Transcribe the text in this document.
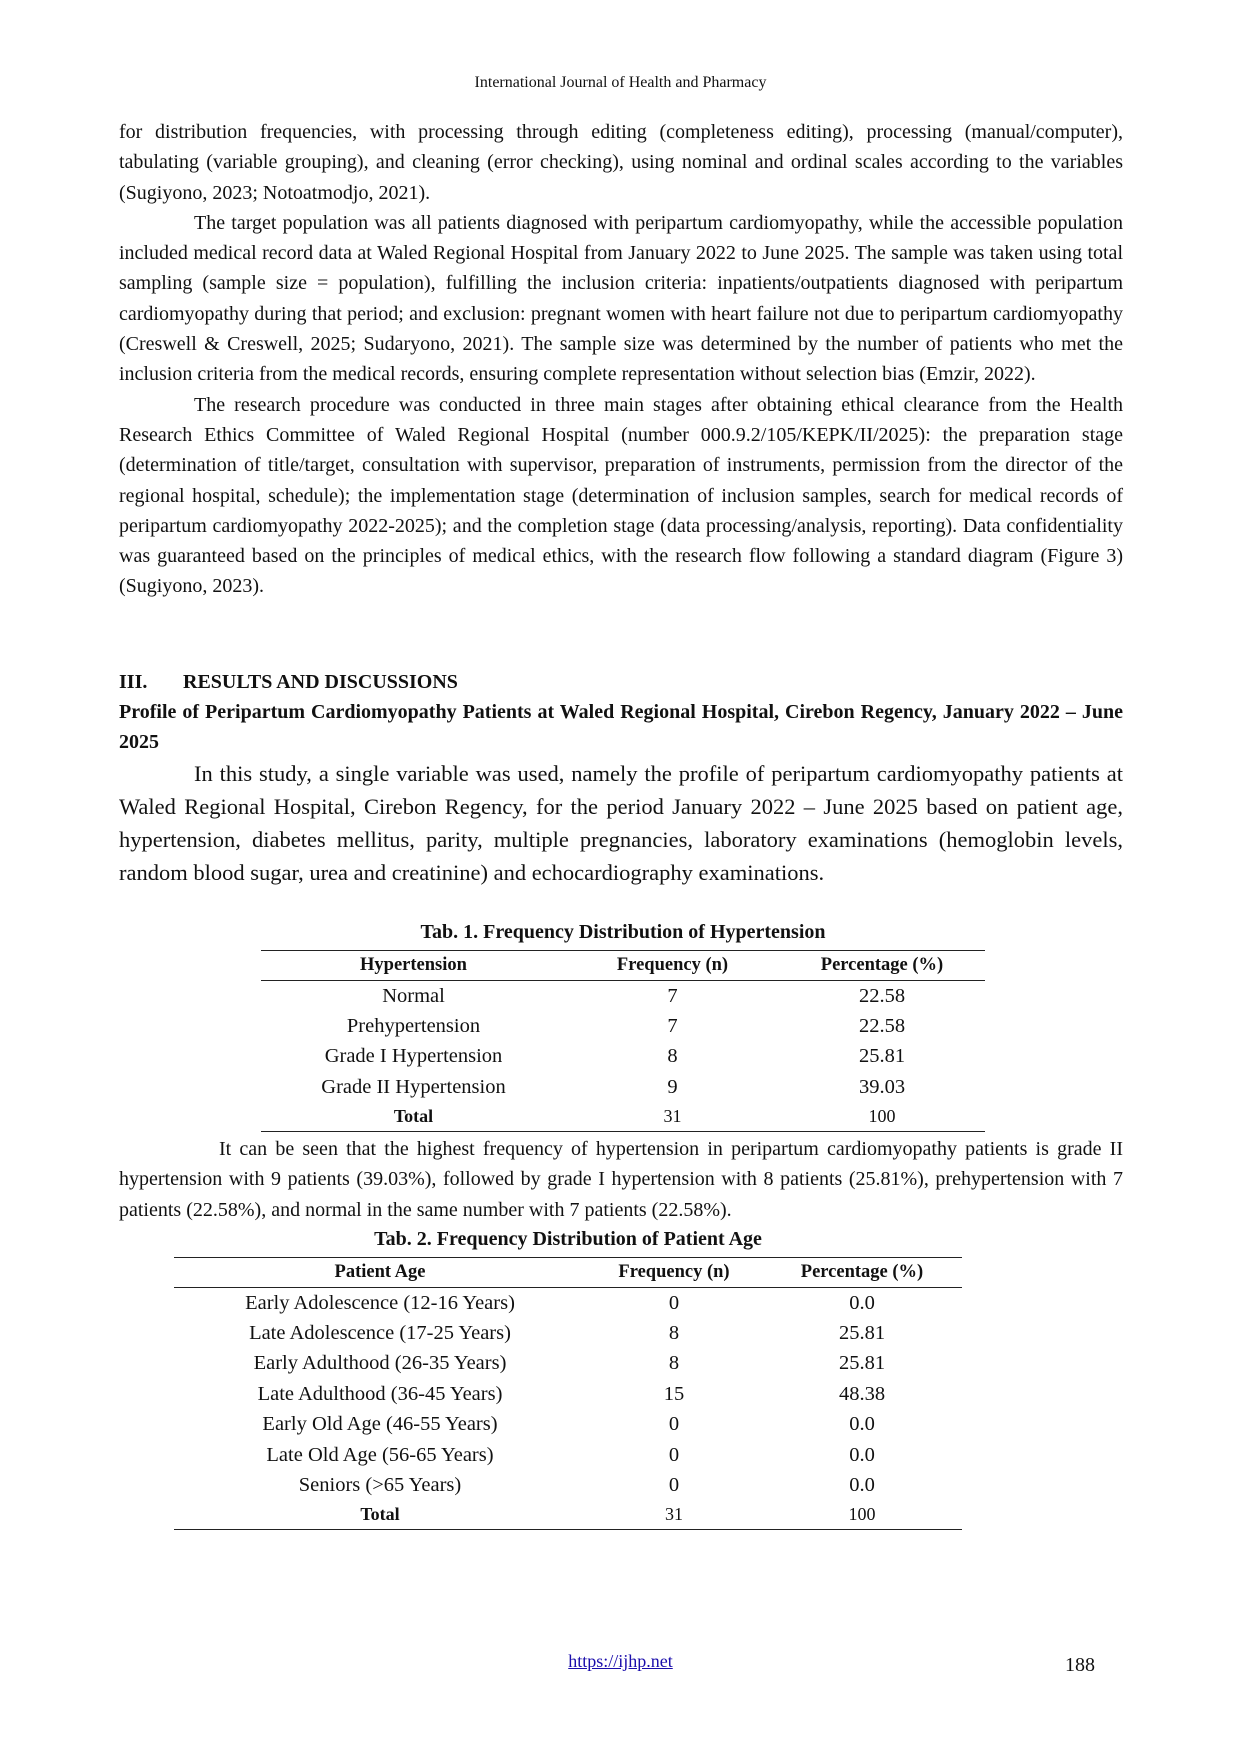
International Journal of Health and Pharmacy

for distribution frequencies, with processing through editing (completeness editing), processing (manual/computer), tabulating (variable grouping), and cleaning (error checking), using nominal and ordinal scales according to the variables (Sugiyono, 2023; Notoatmodjo, 2021).

The target population was all patients diagnosed with peripartum cardiomyopathy, while the accessible population included medical record data at Waled Regional Hospital from January 2022 to June 2025. The sample was taken using total sampling (sample size = population), fulfilling the inclusion criteria: inpatients/outpatients diagnosed with peripartum cardiomyopathy during that period; and exclusion: pregnant women with heart failure not due to peripartum cardiomyopathy (Creswell & Creswell, 2025; Sudaryono, 2021). The sample size was determined by the number of patients who met the inclusion criteria from the medical records, ensuring complete representation without selection bias (Emzir, 2022).

The research procedure was conducted in three main stages after obtaining ethical clearance from the Health Research Ethics Committee of Waled Regional Hospital (number 000.9.2/105/KEPK/II/2025): the preparation stage (determination of title/target, consultation with supervisor, preparation of instruments, permission from the director of the regional hospital, schedule); the implementation stage (determination of inclusion samples, search for medical records of peripartum cardiomyopathy 2022-2025); and the completion stage (data processing/analysis, reporting). Data confidentiality was guaranteed based on the principles of medical ethics, with the research flow following a standard diagram (Figure 3) (Sugiyono, 2023).

III. RESULTS AND DISCUSSIONS

Profile of Peripartum Cardiomyopathy Patients at Waled Regional Hospital, Cirebon Regency, January 2022 – June 2025

In this study, a single variable was used, namely the profile of peripartum cardiomyopathy patients at Waled Regional Hospital, Cirebon Regency, for the period January 2022 – June 2025 based on patient age, hypertension, diabetes mellitus, parity, multiple pregnancies, laboratory examinations (hemoglobin levels, random blood sugar, urea and creatinine) and echocardiography examinations.

Tab. 1. Frequency Distribution of Hypertension
Hypertension	Frequency (n)	Percentage (%)
Normal	7	22.58
Prehypertension	7	22.58
Grade I Hypertension	8	25.81
Grade II Hypertension	9	39.03
Total	31	100

It can be seen that the highest frequency of hypertension in peripartum cardiomyopathy patients is grade II hypertension with 9 patients (39.03%), followed by grade I hypertension with 8 patients (25.81%), prehypertension with 7 patients (22.58%), and normal in the same number with 7 patients (22.58%).

Tab. 2. Frequency Distribution of Patient Age
Patient Age	Frequency (n)	Percentage (%)
Early Adolescence (12-16 Years)	0	0.0
Late Adolescence (17-25 Years)	8	25.81
Early Adulthood (26-35 Years)	8	25.81
Late Adulthood (36-45 Years)	15	48.38
Early Old Age (46-55 Years)	0	0.0
Late Old Age (56-65 Years)	0	0.0
Seniors (>65 Years)	0	0.0
Total	31	100
https://ijhp.net	188
